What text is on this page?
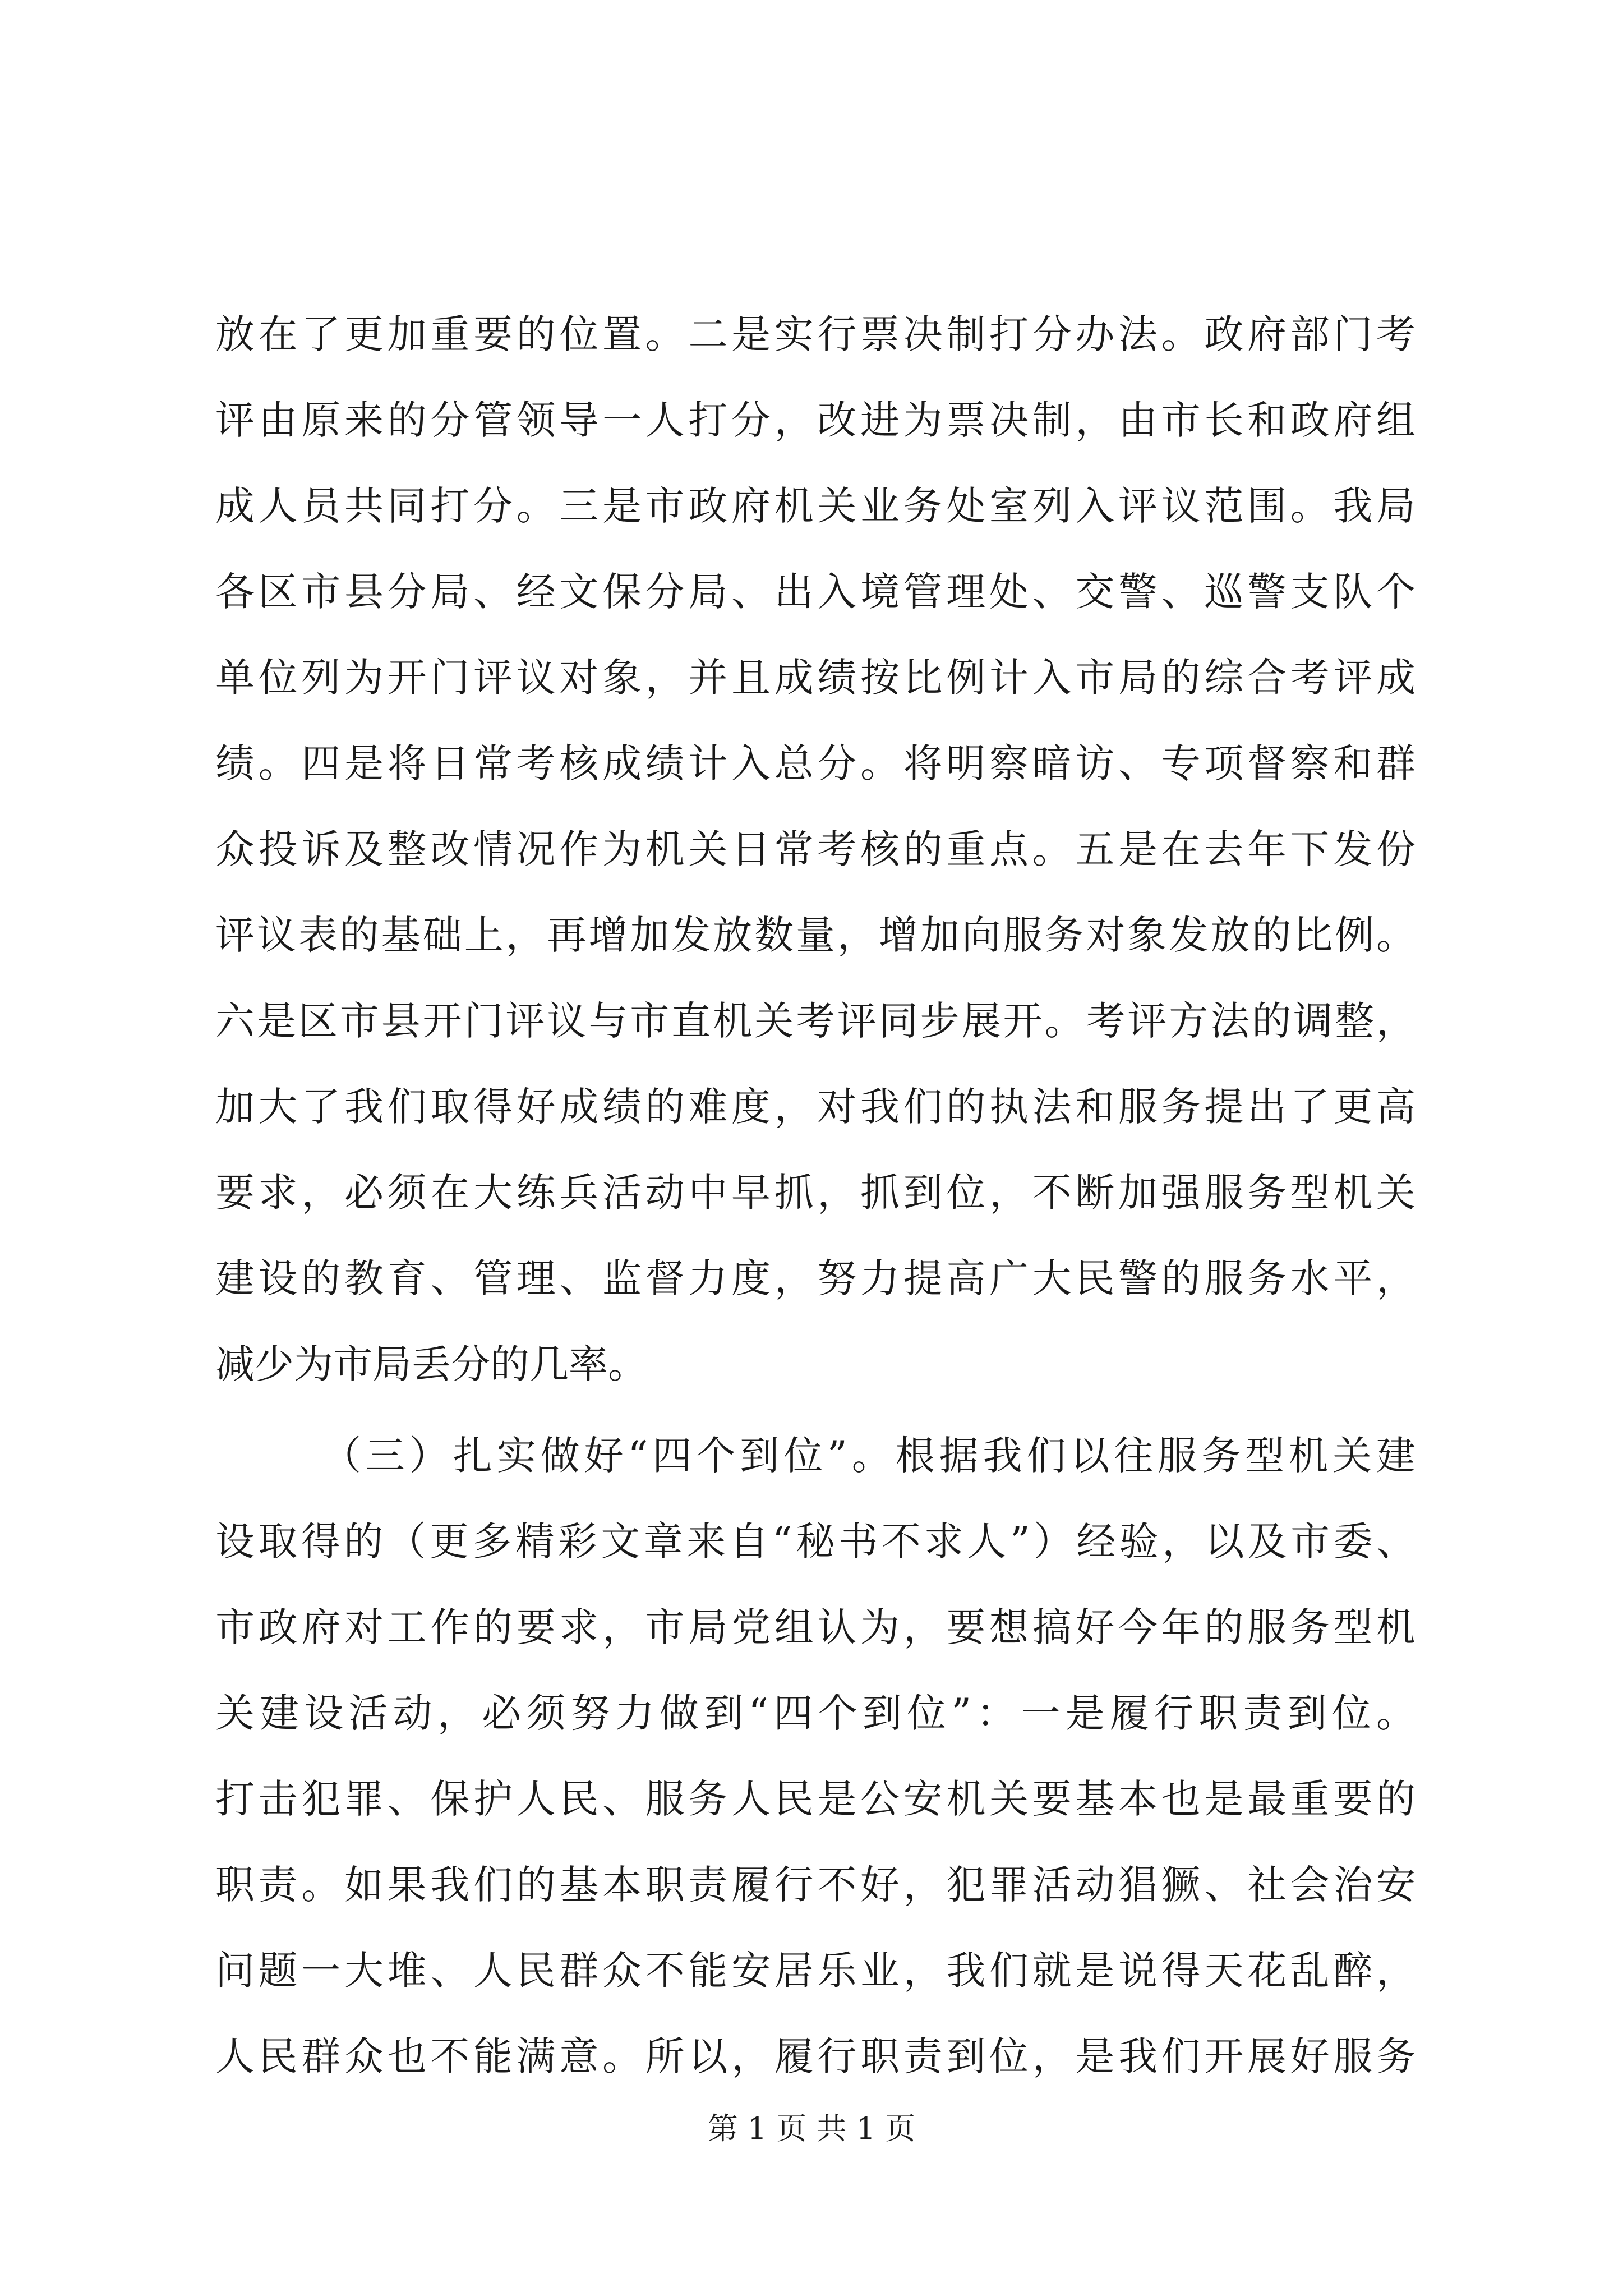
放在了更加重要的位置。二是实行票决制打分办法。政府部门考
评由原来的分管领导一人打分，改进为票决制，由市长和政府组
成人员共同打分。三是市政府机关业务处室列入评议范围。我局
各区市县分局、经文保分局、出入境管理处、交警、巡警支队个
单位列为开门评议对象，并且成绩按比例计入市局的综合考评成
绩。四是将日常考核成绩计入总分。将明察暗访、专项督察和群
众投诉及整改情况作为机关日常考核的重点。五是在去年下发份
评议表的基础上，再增加发放数量，增加向服务对象发放的比例。
六是区市县开门评议与市直机关考评同步展开。考评方法的调整，
加大了我们取得好成绩的难度，对我们的执法和服务提出了更高
要求，必须在大练兵活动中早抓，抓到位，不断加强服务型机关
建设的教育、管理、监督力度，努力提高广大民警的服务水平，
减少为市局丢分的几率。
（三）扎实做好“四个到位”。根据我们以往服务型机关建
设取得的（更多精彩文章来自“秘书不求人”）经验，以及市委、
市政府对工作的要求，市局党组认为，要想搞好今年的服务型机
关建设活动，必须努力做到“四个到位”：一是履行职责到位。
打击犯罪、保护人民、服务人民是公安机关要基本也是最重要的
职责。如果我们的基本职责履行不好，犯罪活动猖獗、社会治安
问题一大堆、人民群众不能安居乐业，我们就是说得天花乱醉，
人民群众也不能满意。所以，履行职责到位，是我们开展好服务
第 1 页 共 1 页
